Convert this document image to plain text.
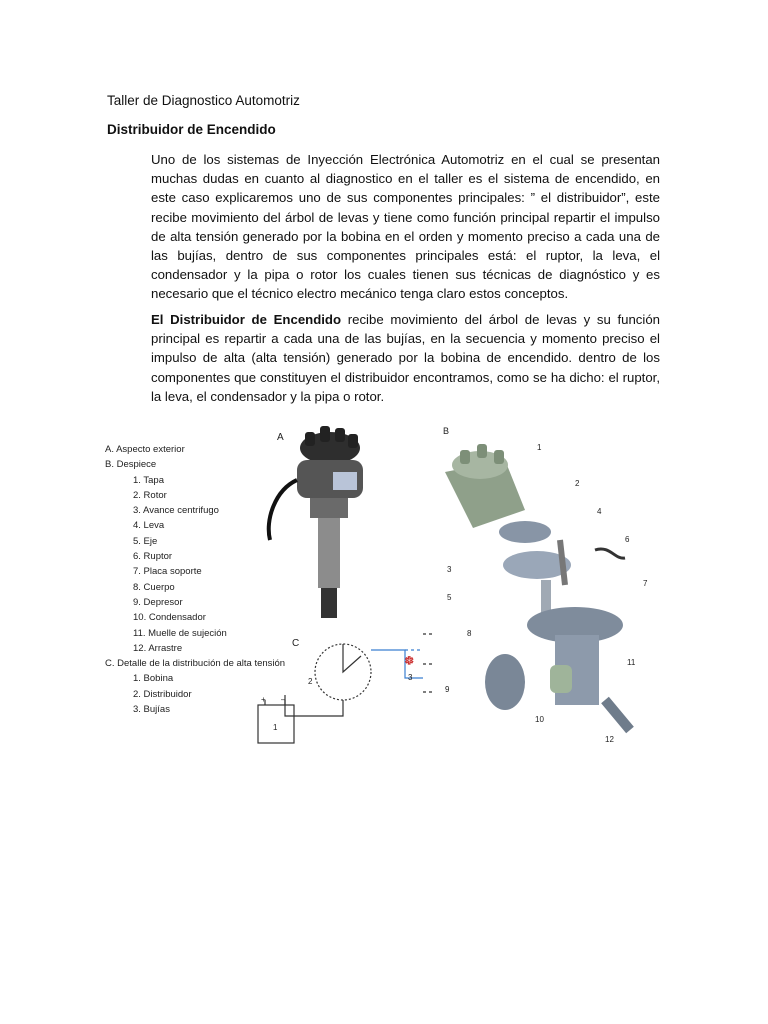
Taller de Diagnostico Automotriz
Distribuidor de Encendido
Uno de los sistemas de Inyección Electrónica Automotriz en el cual se presentan muchas dudas en cuanto al diagnostico en el taller es el sistema de encendido, en este caso explicaremos uno de sus componentes principales: ” el distribuidor”, este recibe movimiento del árbol de levas y tiene como función principal repartir el impulso de alta tensión generado por la bobina en el orden y momento preciso a cada una de las bujías, dentro de sus componentes principales está: el ruptor, la leva, el condensador y la pipa o rotor los cuales tienen sus técnicas de diagnóstico y es necesario que el técnico electro mecánico tenga claro estos conceptos.
El Distribuidor de Encendido recibe movimiento del árbol de levas y su función principal es repartir a cada una de las bujías, en la secuencia y momento preciso el impulso de alta (alta tensión) generado por la bobina de encendido. dentro de los componentes que constituyen el distribuidor encontramos, como se ha dicho: el ruptor, la leva, el condensador y la pipa o rotor.
A. Aspecto exterior
B. Despiece
1. Tapa
2. Rotor
3. Avance centrifugo
4. Leva
5. Eje
6. Ruptor
7. Placa soporte
8. Cuerpo
9. Depresor
10. Condensador
11. Muelle de sujeción
12. Arrastre
C. Detalle de la distribución de alta tensión
1. Bobina
2. Distribuidor
3. Bujías
A
B
1
2
3
4
5
6
7
8
9
10
11
12
C
✱
1
2	3
+ –
